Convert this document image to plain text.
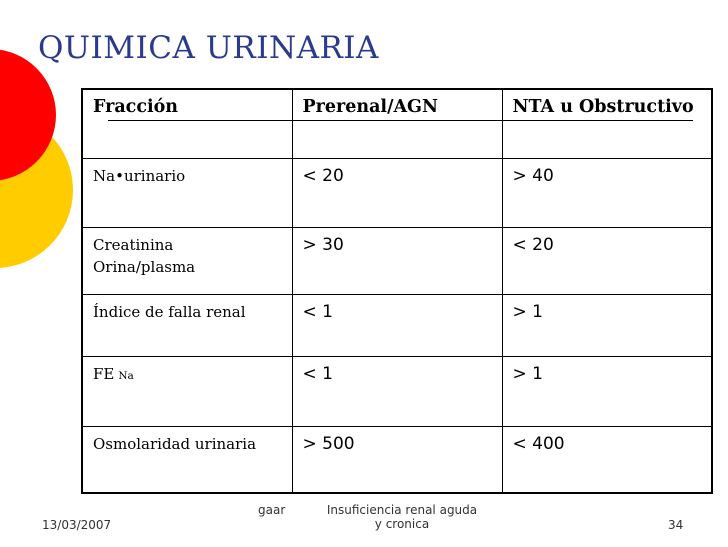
QUIMICA URINARIA
Fracción	Prerenal/AGN	NTA u Obstructivo
Na•urinario	< 20	> 40
Creatinina
Orina/plasma	> 30	< 20
Índice de falla renal	< 1	> 1
FE Na	< 1	> 1
Osmolaridad urinaria	> 500	< 400
13/03/2007
gaar	Insuficiencia renal aguda
y cronica	34
